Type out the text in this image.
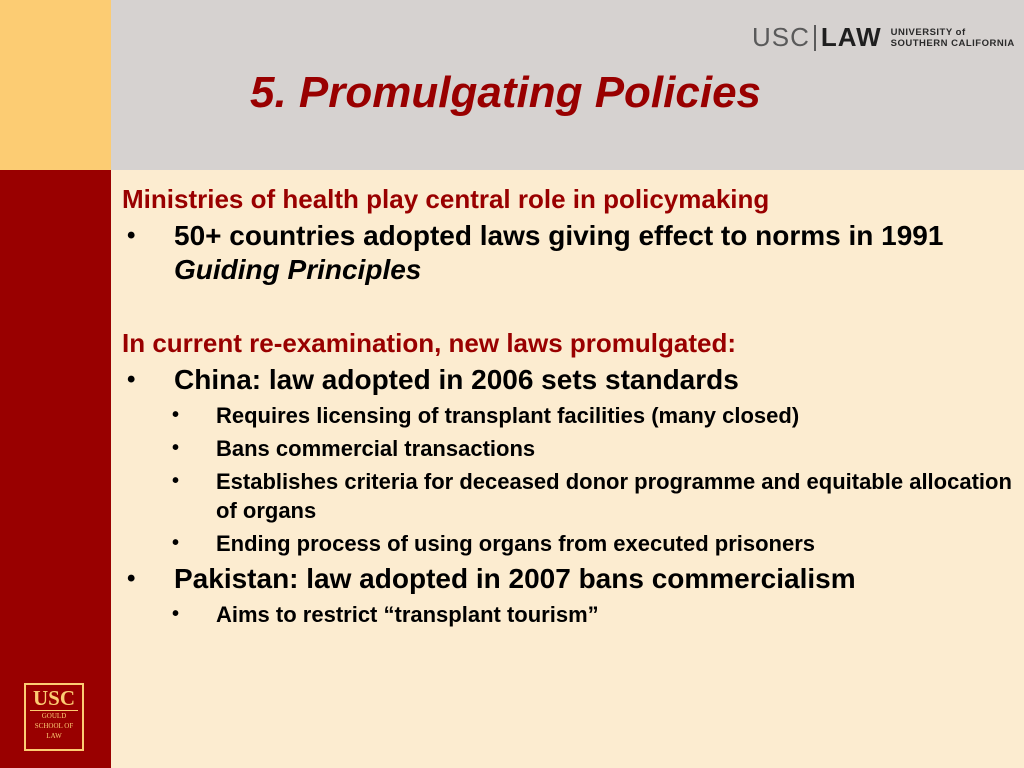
USC LAW UNIVERSITY of
SOUTHERN CALIFORNIA
5. Promulgating Policies

Ministries of health play central role in policymaking

• 50+ countries adopted laws giving effect to norms in 1991 Guiding Principles

In current re-examination, new laws promulgated:

• China: law adopted in 2006 sets standards
• Requires licensing of transplant facilities (many closed)
• Bans commercial transactions
• Establishes criteria for deceased donor programme and equitable allocation of organs
• Ending process of using organs from executed prisoners
• Pakistan: law adopted in 2007 bans commercialism
• Aims to restrict “transplant tourism”
USC
GOULD
SCHOOL OF
LAW
